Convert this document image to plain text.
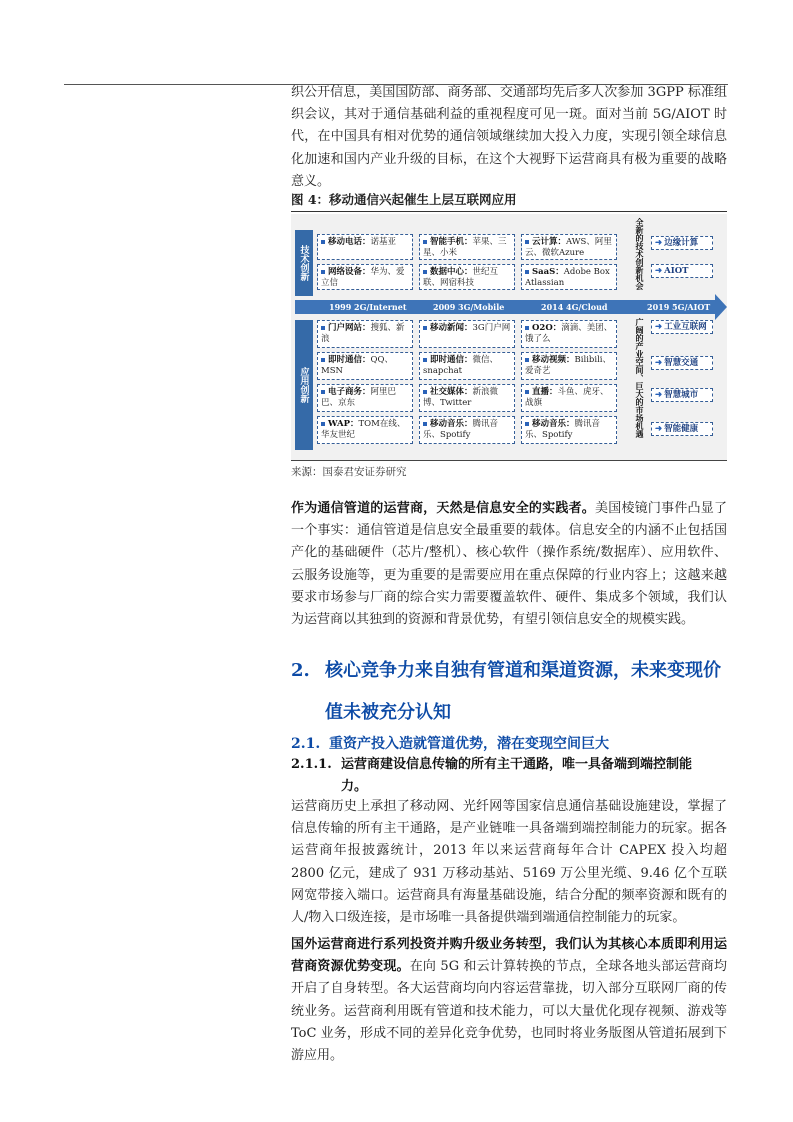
织公开信息，美国国防部、商务部、交通部均先后多人次参加 3GPP 标准组织会议，其对于通信基础利益的重视程度可见一斑。面对当前 5G/AIOT 时代，在中国具有相对优势的通信领域继续加大投入力度，实现引领全球信息化加速和国内产业升级的目标，在这个大视野下运营商具有极为重要的战略意义。

图 4：移动通信兴起催生上层互联网应用
技术创新
应用创新
移动电话：诺基亚	智能手机：苹果、三星、小米
云计算：AWS、阿里云、微软Azure
网络设备：华为、爱立信
数据中心：世纪互联、网宿科技
SaaS：Adobe Box Atlassian
门户网站：搜狐、新浪
移动新闻：3G门户网	O2O：滴滴、美团、饿了么
即时通信：QQ、MSN
即时通信：微信、snapchat
移动视频：Bilibili、爱奇艺
电子商务：阿里巴巴、京东
社交媒体：新浪微博、Twitter
直播：斗鱼、虎牙、战旗
WAP：TOM在线、华友世纪
移动音乐：腾讯音乐、Spotify
移动音乐：腾讯音乐、Spotify
1999 2G/Internet	2009 3G/Mobile	2014 4G/Cloud	2019 5G/AIOT
全新的技术创新机会
广阔的产业空间、巨大的市场机遇
➜ 边缘计算
➜ AIOT
➜ 工业互联网
➜ 智慧交通
➜ 智慧城市
➜ 智能健康
来源：国泰君安证券研究

作为通信管道的运营商，天然是信息安全的实践者。美国棱镜门事件凸显了一个事实：通信管道是信息安全最重要的载体。信息安全的内涵不止包括国产化的基础硬件（芯片/整机）、核心软件（操作系统/数据库）、应用软件、云服务设施等，更为重要的是需要应用在重点保障的行业内容上；这越来越要求市场参与厂商的综合实力需要覆盖软件、硬件、集成多个领域，我们认为运营商以其独到的资源和背景优势，有望引领信息安全的规模实践。

2. 核心竞争力来自独有管道和渠道资源，未来变现价
值未被充分认知
2.1. 重资产投入造就管道优势，潜在变现空间巨大
2.1.1. 运营商建设信息传输的所有主干通路，唯一具备端到端控制能
力。

运营商历史上承担了移动网、光纤网等国家信息通信基础设施建设，掌握了信息传输的所有主干通路，是产业链唯一具备端到端控制能力的玩家。据各运营商年报披露统计，2013 年以来运营商每年合计 CAPEX 投入均超 2800 亿元，建成了 931 万移动基站、5169 万公里光缆、9.46 亿个互联网宽带接入端口。运营商具有海量基础设施，结合分配的频率资源和既有的人/物入口级连接，是市场唯一具备提供端到端通信控制能力的玩家。

国外运营商进行系列投资并购升级业务转型，我们认为其核心本质即利用运营商资源优势变现。在向 5G 和云计算转换的节点，全球各地头部运营商均开启了自身转型。各大运营商均向内容运营靠拢，切入部分互联网厂商的传统业务。运营商利用既有管道和技术能力，可以大量优化现存视频、游戏等 ToC 业务，形成不同的差异化竞争优势，也同时将业务版图从管道拓展到下游应用。
